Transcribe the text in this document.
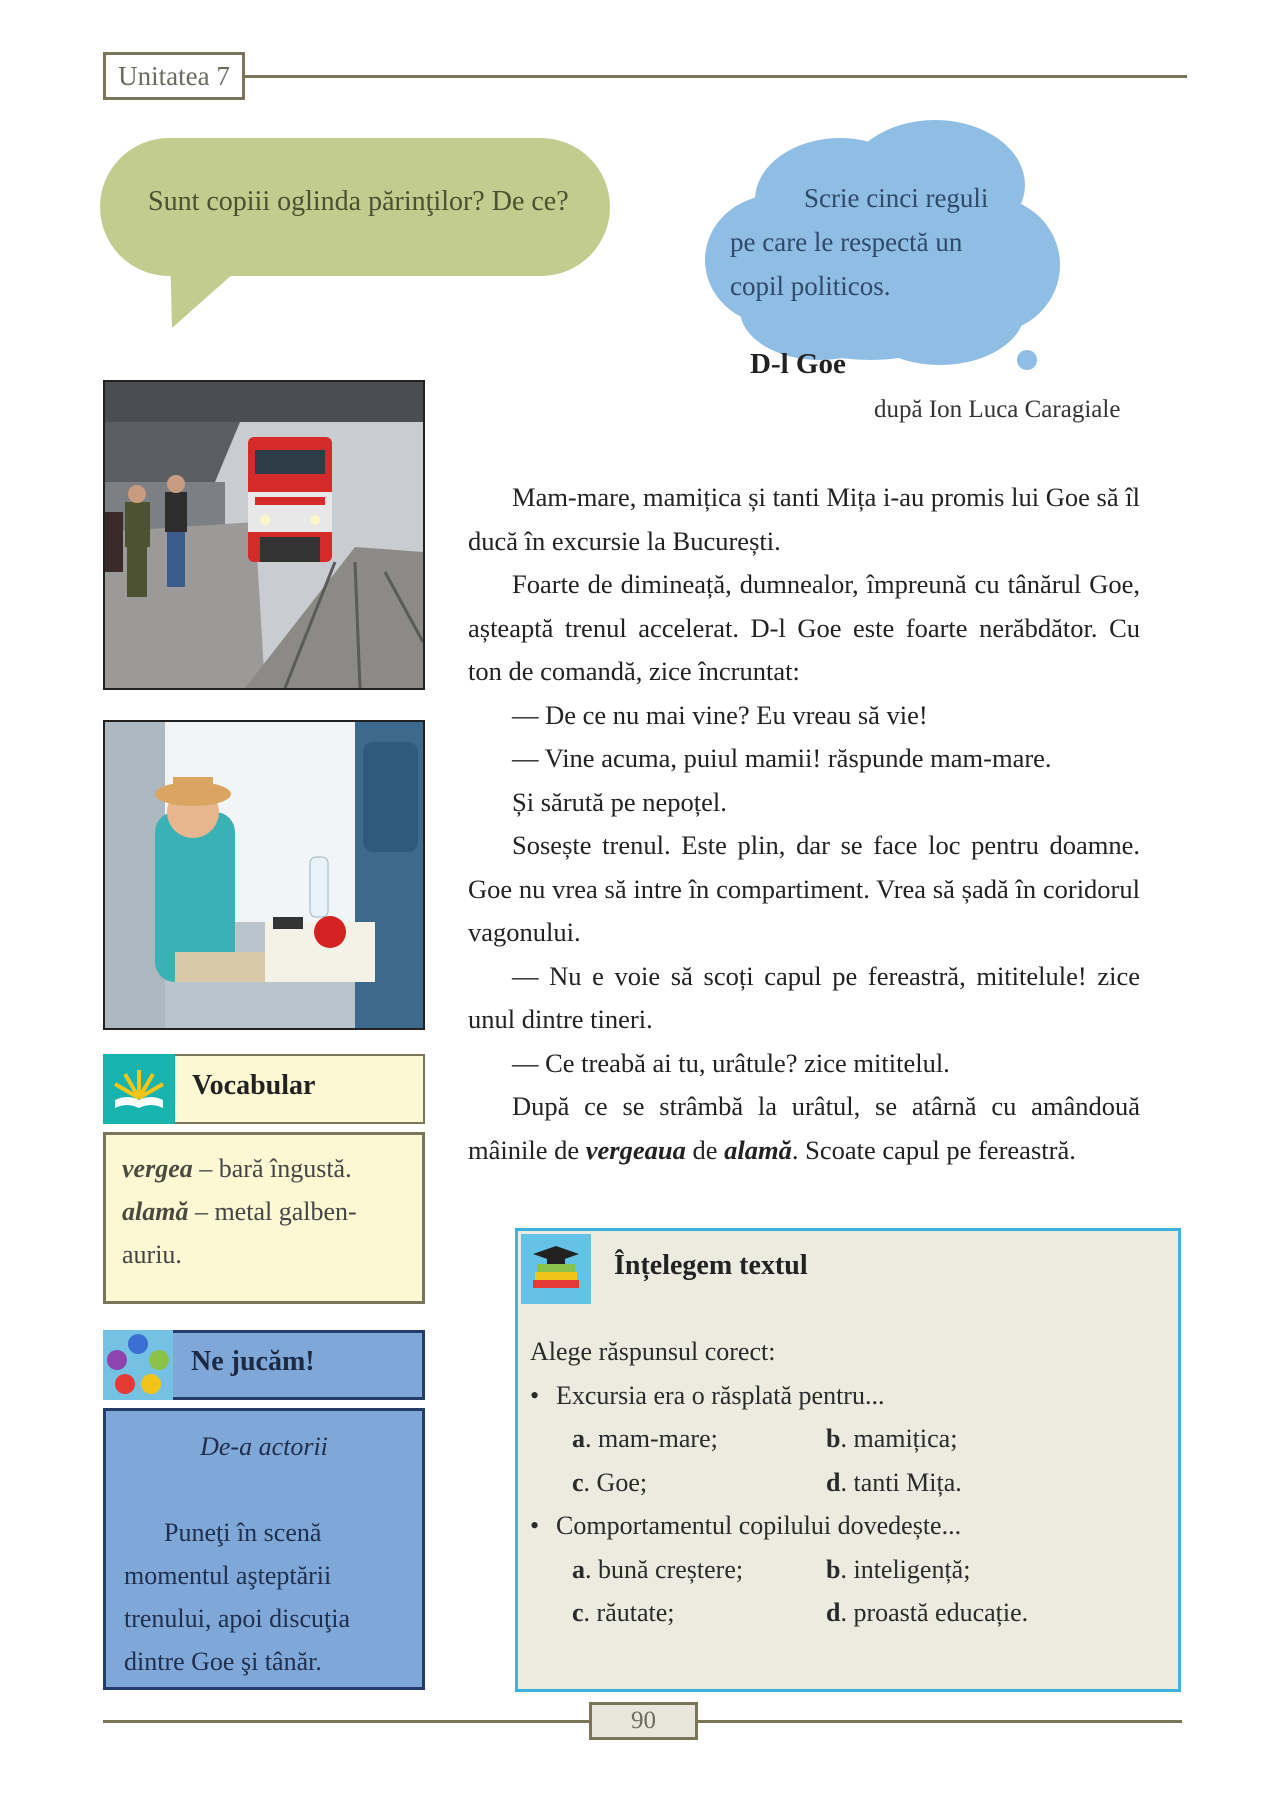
Unitatea 7
Sunt copiii oglinda părinţilor? De ce?	Scrie cinci reguli
pe care le respectă un
copil politicos.
D-l Goe
după Ion Luca Caragiale

Mam-mare, mamițica și tanti Mița i-au promis lui Goe să îl ducă în excursie la București.

Foarte de dimineață, dumnealor, împreună cu tânărul Goe, așteaptă trenul accelerat. D-l Goe este foarte nerăbdător. Cu ton de comandă, zice încruntat:

— De ce nu mai vine? Eu vreau să vie!

— Vine acuma, puiul mamii! răspunde mam-mare.

Și sărută pe nepoțel.

Sosește trenul. Este plin, dar se face loc pentru doamne. Goe nu vrea să intre în compartiment. Vrea să șadă în coridorul vagonului.

— Nu e voie să scoți capul pe fereastră, mititelule! zice unul dintre tineri.

— Ce treabă ai tu, urâtule? zice mititelul.

După ce se strâmbă la urâtul, se atârnă cu amândouă mâinile de vergeaua de alamă. Scoate capul pe fereastră.

Vocabular
vergea – bară îngustă.
alamă – metal galben-auriu.
Ne jucăm!
De-a actorii
Puneţi în scenă momentul aşteptării trenului, apoi discuţia dintre Goe şi tânăr.
Înțelegem textul
Alege răspunsul corect:
• Excursia era o răsplată pentru...
a. mam-mare;	b. mamițica;
c. Goe;	d. tanti Mița.
• Comportamentul copilului dovedește...
a. bună creștere;	b. inteligență;
c. răutate;	d. proastă educație.
90
